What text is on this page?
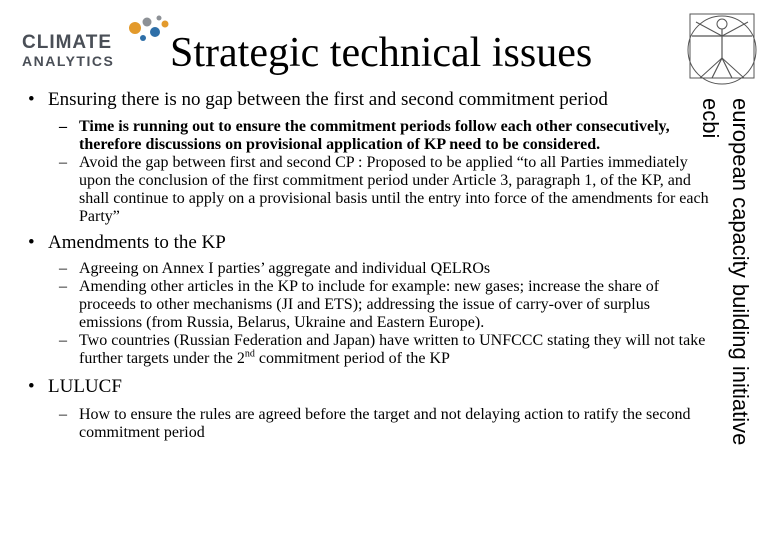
CLIMATE
ANALYTICS Strategic technical issues
european capacity building initiative
ecbi
• Ensuring there is no gap between the first and second commitment period
– Time is running out to ensure the commitment periods follow each other consecutively, therefore discussions on provisional application of KP need to be considered.
– Avoid the gap between first and second CP : Proposed to be applied “to all Parties immediately upon the conclusion of the first commitment period under Article 3, paragraph 1, of the KP, and shall continue to apply on a provisional basis until the entry into force of the amendments for each Party”
• Amendments to the KP
– Agreeing on Annex I parties’ aggregate and individual QELROs
– Amending other articles in the KP to include for example: new gases; increase the share of proceeds to other mechanisms (JI and ETS); addressing the issue of carry-over of surplus emissions (from Russia, Belarus, Ukraine and Eastern Europe).
– Two countries (Russian Federation and Japan) have written to UNFCCC stating they will not take further targets under the 2nd commitment period of the KP
• LULUCF
– How to ensure the rules are agreed before the target and not delaying action to ratify the second commitment period
